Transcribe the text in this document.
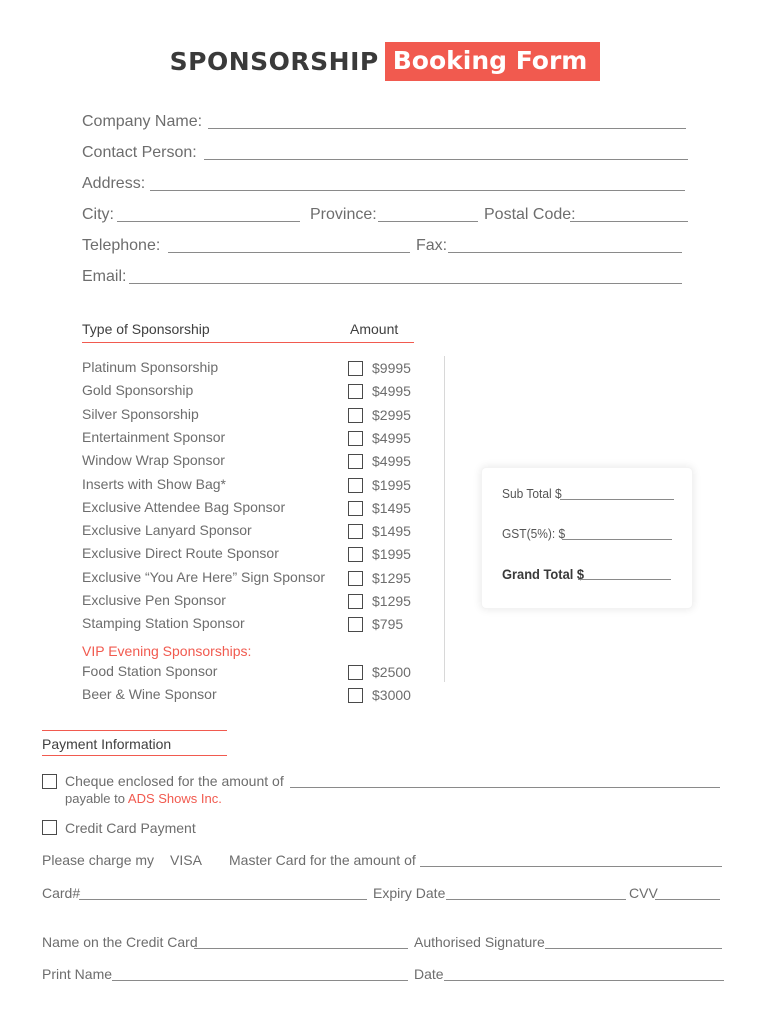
SPONSORSHIP Booking Form
Company Name:
Contact Person:
Address:
City:	Province:	Postal Code:
Telephone:	Fax:
Email:
Type of Sponsorship	Amount
Platinum Sponsorship	$9995
Gold Sponsorship	$4995
Silver Sponsorship	$2995
Entertainment Sponsor	$4995
Window Wrap Sponsor	$4995
Inserts with Show Bag*	$1995
Exclusive Attendee Bag Sponsor	$1495
Exclusive Lanyard Sponsor	$1495
Exclusive Direct Route Sponsor	$1995
Exclusive “You Are Here” Sign Sponsor	$1295
Exclusive Pen Sponsor	$1295
Stamping Station Sponsor	$795
VIP Evening Sponsorships:
Food Station Sponsor	$2500
Beer & Wine Sponsor	$3000
Sub Total $
GST(5%): $
Grand Total $
Payment Information
Cheque enclosed for the amount of
payable to ADS Shows Inc.
Credit Card Payment
Please charge my VISA Master Card for the amount of
Card#	Expiry Date	CVV
Name on the Credit Card	Authorised Signature
Print Name	Date
